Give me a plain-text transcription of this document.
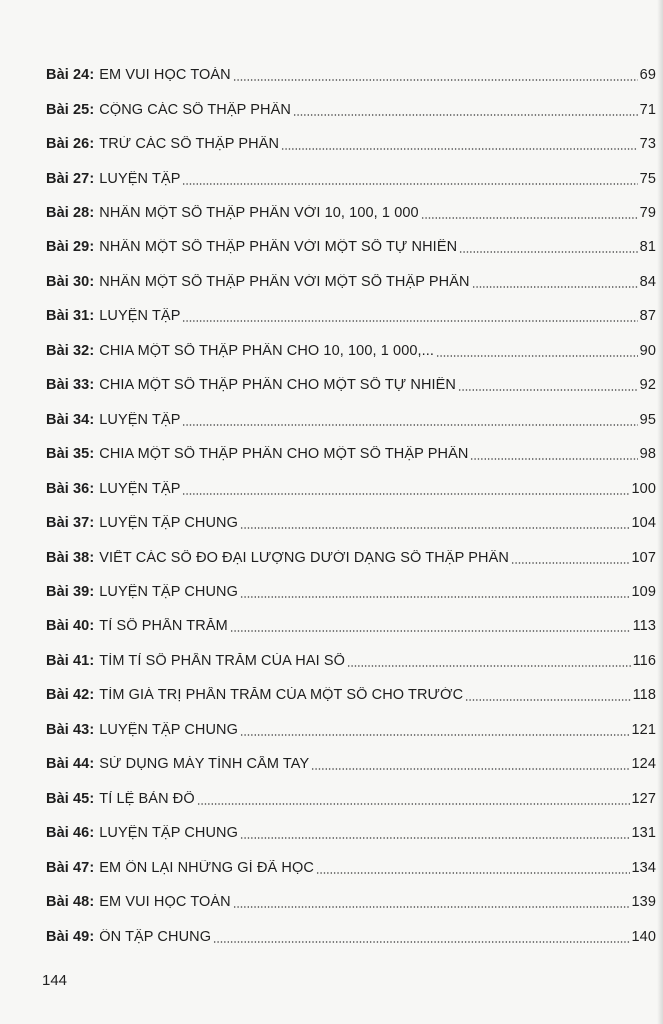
Bài 24: EM VUI HỌC TOÁN	69
Bài 25: CỘNG CÁC SỐ THẬP PHÂN	71
Bài 26: TRỪ CÁC SỐ THẬP PHÂN	73
Bài 27: LUYỆN TẬP	75
Bài 28: NHÂN MỘT SỐ THẬP PHÂN VỚI 10, 100, 1 000	79
Bài 29: NHÂN MỘT SỐ THẬP PHÂN VỚI MỘT SỐ TỰ NHIÊN	81
Bài 30: NHÂN MỘT SỐ THẬP PHÂN VỚI MỘT SỐ THẬP PHÂN	84
Bài 31: LUYỆN TẬP	87
Bài 32: CHIA MỘT SỐ THẬP PHÂN CHO 10, 100, 1 000,...	90
Bài 33: CHIA MỘT SỐ THẬP PHÂN CHO MỘT SỐ TỰ NHIÊN	92
Bài 34: LUYỆN TẬP	95
Bài 35: CHIA MỘT SỐ THẬP PHÂN CHO MỘT SỐ THẬP PHÂN	98
Bài 36: LUYỆN TẬP	100
Bài 37: LUYỆN TẬP CHUNG	104
Bài 38: VIẾT CÁC SỐ ĐO ĐẠI LƯỢNG DƯỚI DẠNG SỐ THẬP PHÂN	107
Bài 39: LUYỆN TẬP CHUNG	109
Bài 40: TỈ SỐ PHẦN TRĂM	113
Bài 41: TÌM TỈ SỐ PHẦN TRĂM CỦA HAI SỐ	116
Bài 42: TÌM GIÁ TRỊ PHẦN TRĂM CỦA MỘT SỐ CHO TRƯỚC	118
Bài 43: LUYỆN TẬP CHUNG	121
Bài 44: SỬ DỤNG MÁY TÍNH CẦM TAY	124
Bài 45: TỈ LỆ BẢN ĐỒ	127
Bài 46: LUYỆN TẬP CHUNG	131
Bài 47: EM ÔN LẠI NHỮNG GÌ ĐÃ HỌC	134
Bài 48: EM VUI HỌC TOÁN	139
Bài 49: ÔN TẬP CHUNG	140
144
